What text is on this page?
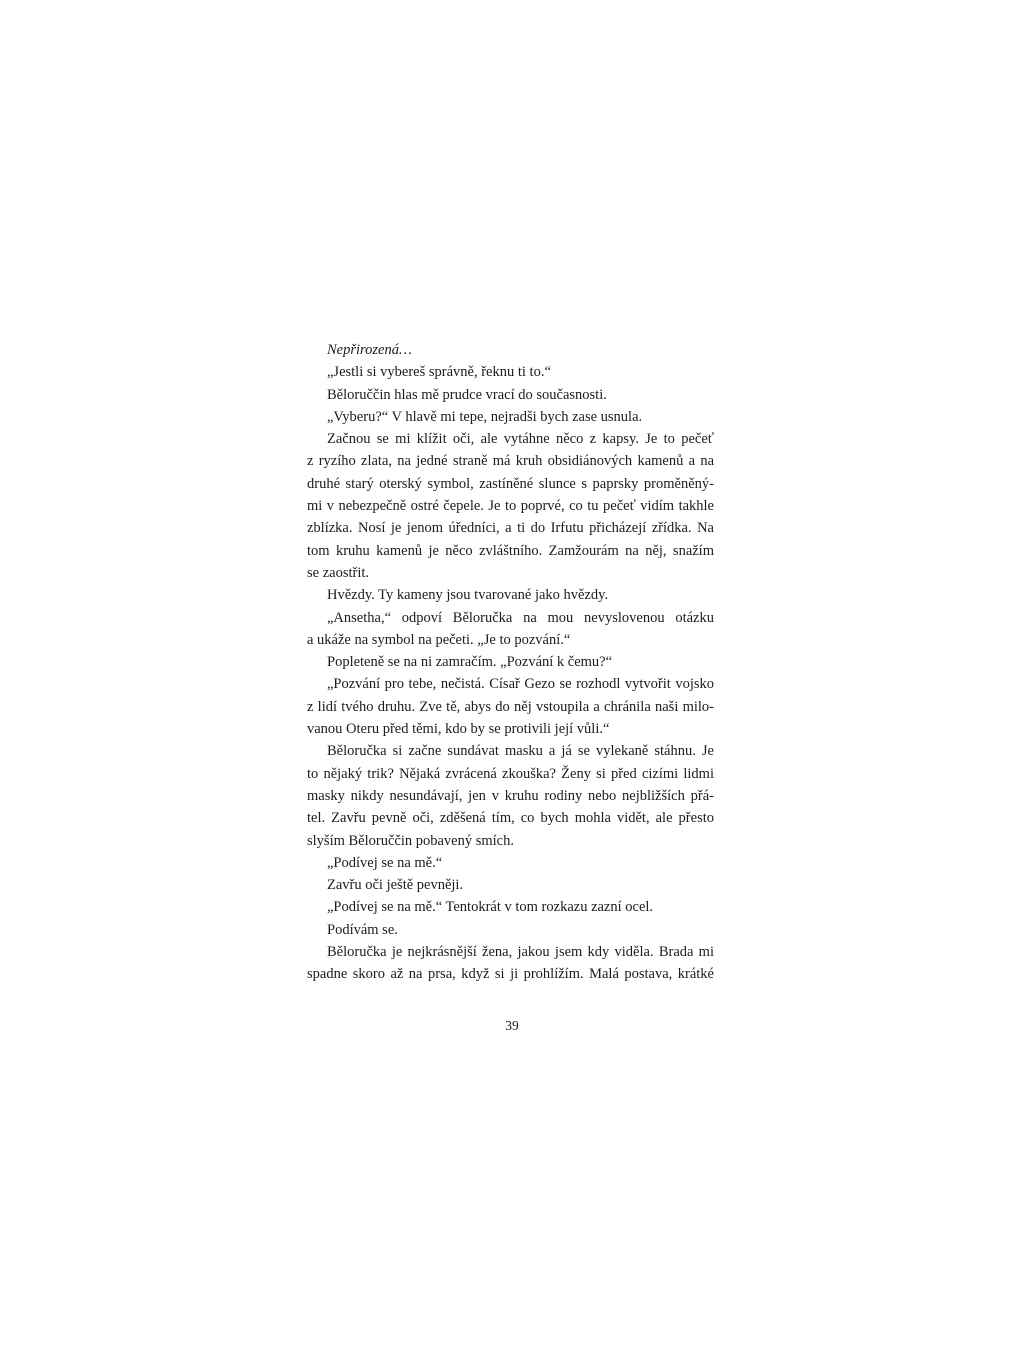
Nepřirozená…
„Jestli si vybereš správně, řeknu ti to.“
Běloruččin hlas mě prudce vrací do současnosti.
„Vyberu?“ V hlavě mi tepe, nejradši bych zase usnula.
Začnou se mi klížit oči, ale vytáhne něco z kapsy. Je to pečeť
z ryzího zlata, na jedné straně má kruh obsidiánových kamenů a na
druhé starý oterský symbol, zastíněné slunce s paprsky proměněný-
mi v nebezpečně ostré čepele. Je to poprvé, co tu pečeť vidím takhle
zblízka. Nosí je jenom úředníci, a ti do Irfutu přicházejí zřídka. Na
tom kruhu kamenů je něco zvláštního. Zamžourám na něj, snažím
se zaostřit.
Hvězdy. Ty kameny jsou tvarované jako hvězdy.
„Ansetha,“ odpoví Běloručka na mou nevyslovenou otázku
a ukáže na symbol na pečeti. „Je to pozvání.“
Popleteně se na ni zamračím. „Pozvání k čemu?“
„Pozvání pro tebe, nečistá. Císař Gezo se rozhodl vytvořit vojsko
z lidí tvého druhu. Zve tě, abys do něj vstoupila a chránila naši milo-
vanou Oteru před těmi, kdo by se protivili její vůli.“
Běloručka si začne sundávat masku a já se vylekaně stáhnu. Je
to nějaký trik? Nějaká zvrácená zkouška? Ženy si před cizími lidmi
masky nikdy nesundávají, jen v kruhu rodiny nebo nejbližších přá-
tel. Zavřu pevně oči, zděšená tím, co bych mohla vidět, ale přesto
slyším Běloruččin pobavený smích.
„Podívej se na mě.“
Zavřu oči ještě pevněji.
„Podívej se na mě.“ Tentokrát v tom rozkazu zazní ocel.
Podívám se.
Běloručka je nejkrásnější žena, jakou jsem kdy viděla. Brada mi
spadne skoro až na prsa, když si ji prohlížím. Malá postava, krátké
39
